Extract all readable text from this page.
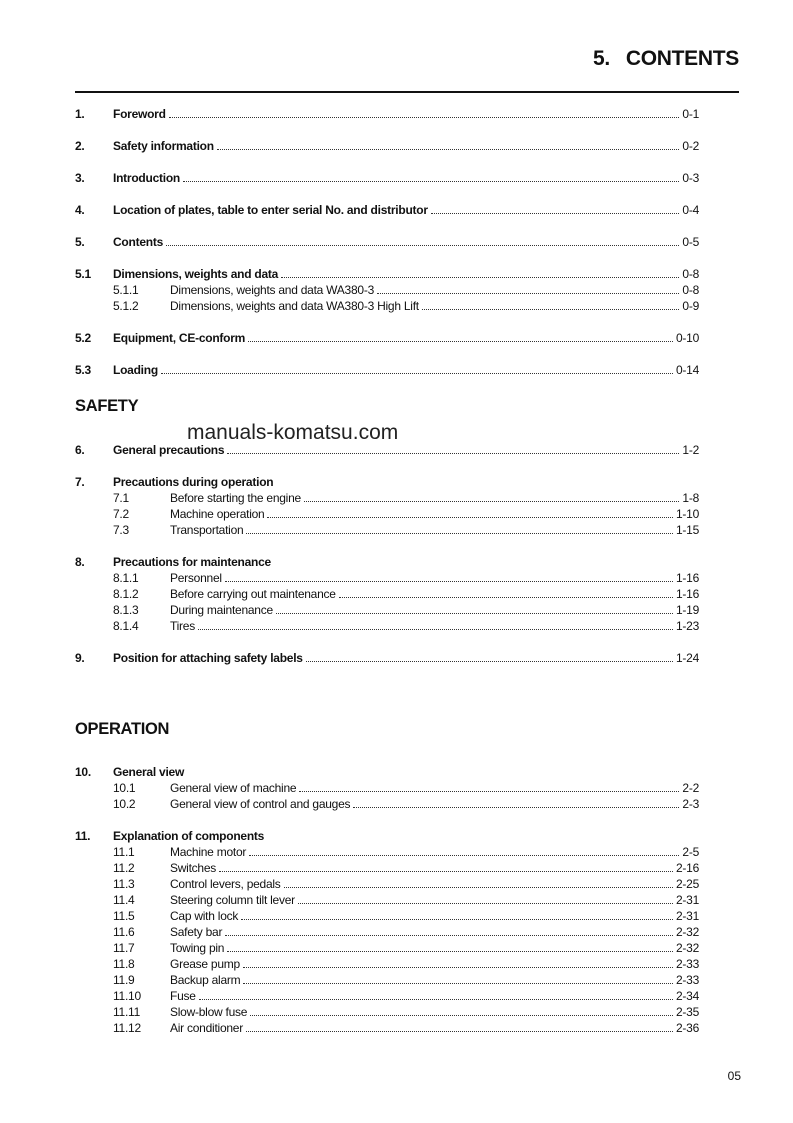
5. CONTENTS
manuals-komatsu.com
05
1.	Foreword	0-1
2.	Safety information	0-2
3.	Introduction	0-3
4.	Location of plates, table to enter serial No. and distributor	0-4
5.	Contents	0-5
5.1	Dimensions, weights and data	0-8
5.1.1	Dimensions, weights and data WA380-3	0-8
5.1.2	Dimensions, weights and data WA380-3 High Lift	0-9
5.2	Equipment, CE-conform	0-10
5.3	Loading	0-14
SAFETY
6.	General precautions	1-2
7.	Precautions during operation
7.1	Before starting the engine	1-8
7.2	Machine operation	1-10
7.3	Transportation	1-15
8.	Precautions for maintenance
8.1.1	Personnel	1-16
8.1.2	Before carrying out maintenance	1-16
8.1.3	During maintenance	1-19
8.1.4	Tires	1-23
9.	Position for attaching safety labels	1-24
OPERATION
10.	General view
10.1	General view of machine	2-2
10.2	General view of control and gauges	2-3
11.	Explanation of components
11.1	Machine motor	2-5
11.2	Switches	2-16
11.3	Control levers, pedals	2-25
11.4	Steering column tilt lever	2-31
11.5	Cap with lock	2-31
11.6	Safety bar	2-32
11.7	Towing pin	2-32
11.8	Grease pump	2-33
11.9	Backup alarm	2-33
11.10	Fuse	2-34
11.11	Slow-blow fuse	2-35
11.12	Air conditioner	2-36
